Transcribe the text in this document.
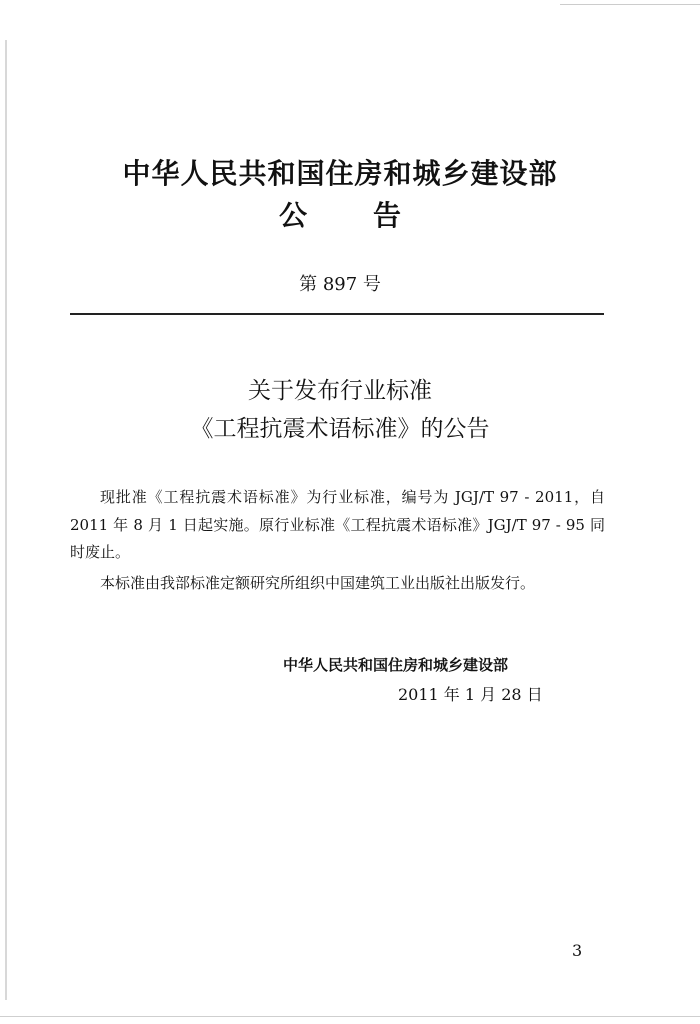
中华人民共和国住房和城乡建设部
公告
第 897 号
关于发布行业标准
《工程抗震术语标准》的公告
现批准《工程抗震术语标准》为行业标准，编号为 JGJ/T 97 - 2011，自 2011 年 8 月 1 日起实施。原行业标准《工程抗震术语标准》JGJ/T 97 - 95 同时废止。
本标准由我部标准定额研究所组织中国建筑工业出版社出版发行。
中华人民共和国住房和城乡建设部
2011 年 1 月 28 日
3
